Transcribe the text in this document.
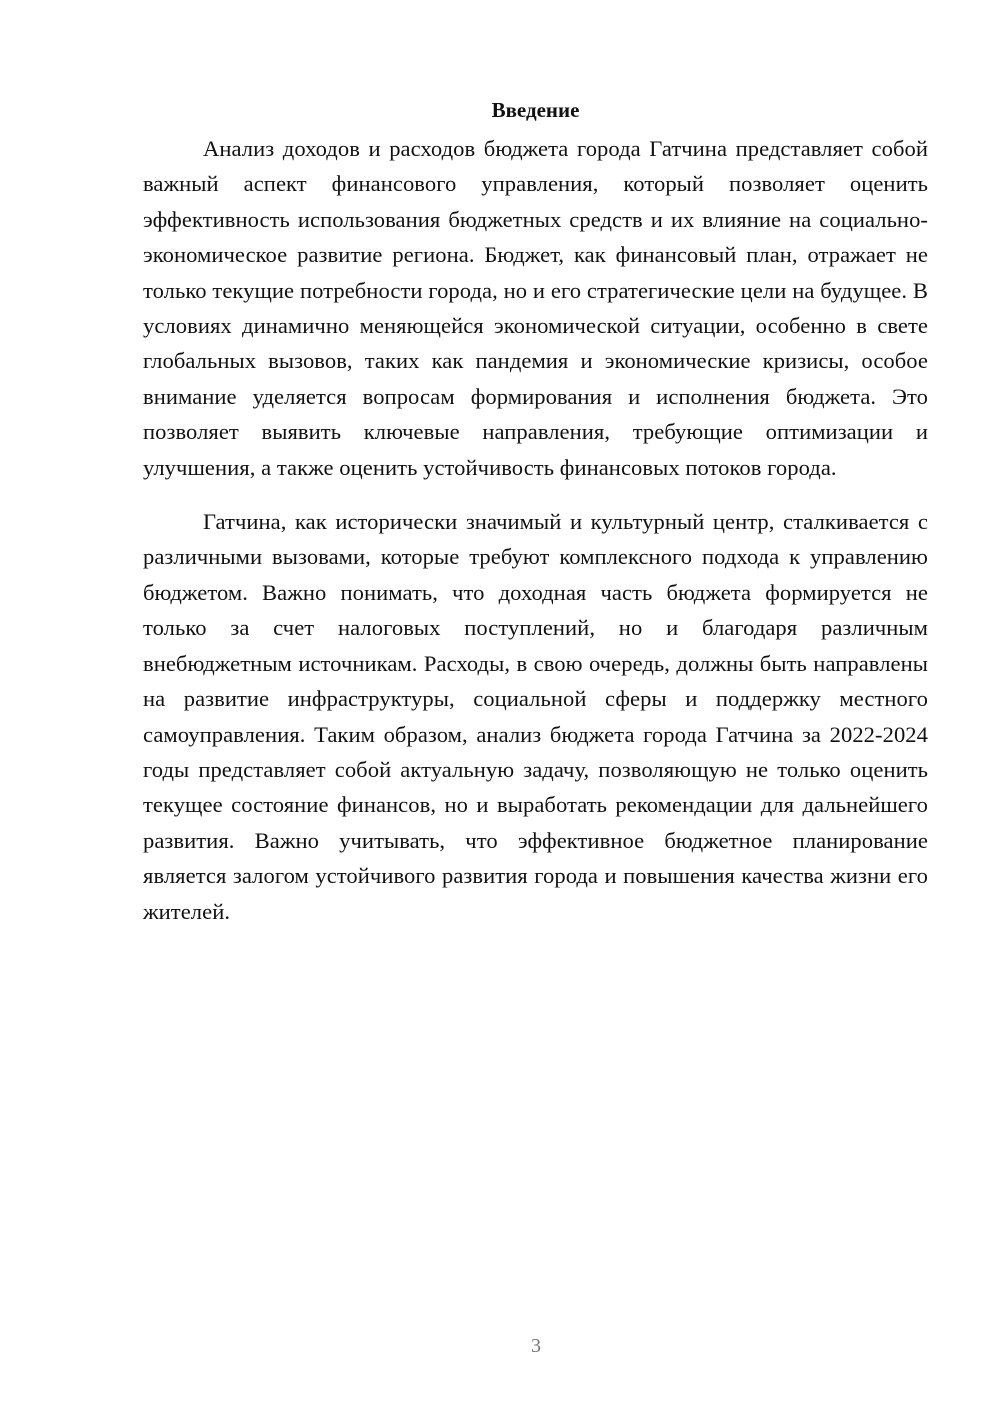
Введение

Анализ доходов и расходов бюджета города Гатчина представляет собой важный аспект финансового управления, который позволяет оценить эффективность использования бюджетных средств и их влияние на социально-экономическое развитие региона. Бюджет, как финансовый план, отражает не только текущие потребности города, но и его стратегические цели на будущее. В условиях динамично меняющейся экономической ситуации, особенно в свете глобальных вызовов, таких как пандемия и экономические кризисы, особое внимание уделяется вопросам формирования и исполнения бюджета. Это позволяет выявить ключевые направления, требующие оптимизации и улучшения, а также оценить устойчивость финансовых потоков города.

Гатчина, как исторически значимый и культурный центр, сталкивается с различными вызовами, которые требуют комплексного подхода к управлению бюджетом. Важно понимать, что доходная часть бюджета формируется не только за счет налоговых поступлений, но и благодаря различным внебюджетным источникам. Расходы, в свою очередь, должны быть направлены на развитие инфраструктуры, социальной сферы и поддержку местного самоуправления. Таким образом, анализ бюджета города Гатчина за 2022-2024 годы представляет собой актуальную задачу, позволяющую не только оценить текущее состояние финансов, но и выработать рекомендации для дальнейшего развития. Важно учитывать, что эффективное бюджетное планирование является залогом устойчивого развития города и повышения качества жизни его жителей.

3
